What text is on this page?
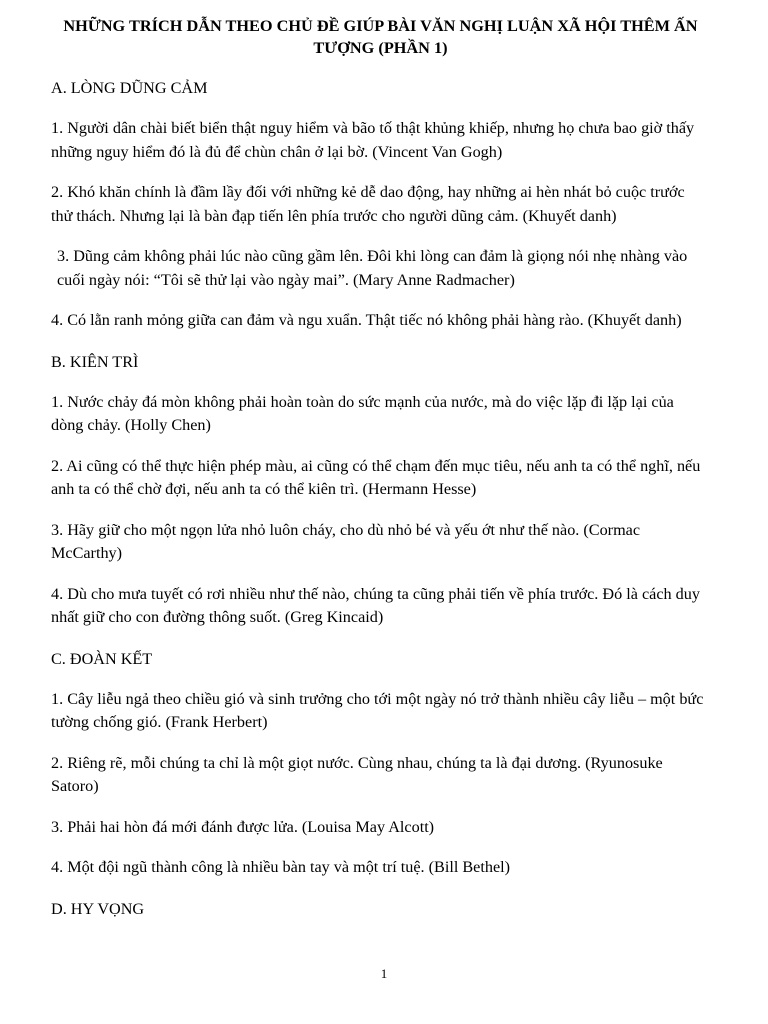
NHỮNG TRÍCH DẪN THEO CHỦ ĐỀ GIÚP BÀI VĂN NGHỊ LUẬN XÃ HỘI THÊM ẤN TƯỢNG (PHẦN 1)
A. LÒNG DŨNG CẢM

1. Người dân chài biết biển thật nguy hiểm và bão tố thật khủng khiếp, nhưng họ chưa bao giờ thấy những nguy hiểm đó là đủ để chùn chân ở lại bờ. (Vincent Van Gogh)

2. Khó khăn chính là đầm lầy đối với những kẻ dễ dao động, hay những ai hèn nhát bỏ cuộc trước thử thách. Nhưng lại là bàn đạp tiến lên phía trước cho người dũng cảm. (Khuyết danh)

3. Dũng cảm không phải lúc nào cũng gầm lên. Đôi khi lòng can đảm là giọng nói nhẹ nhàng vào cuối ngày nói: “Tôi sẽ thử lại vào ngày mai”. (Mary Anne Radmacher)

4. Có lằn ranh mỏng giữa can đảm và ngu xuẩn. Thật tiếc nó không phải hàng rào. (Khuyết danh)

B. KIÊN TRÌ

1. Nước chảy đá mòn không phải hoàn toàn do sức mạnh của nước, mà do việc lặp đi lặp lại của dòng chảy. (Holly Chen)

2. Ai cũng có thể thực hiện phép màu, ai cũng có thể chạm đến mục tiêu, nếu anh ta có thể nghĩ, nếu anh ta có thể chờ đợi, nếu anh ta có thể kiên trì. (Hermann Hesse)

3. Hãy giữ cho một ngọn lửa nhỏ luôn cháy, cho dù nhỏ bé và yếu ớt như thế nào. (Cormac McCarthy)

4. Dù cho mưa tuyết có rơi nhiều như thế nào, chúng ta cũng phải tiến về phía trước. Đó là cách duy nhất giữ cho con đường thông suốt. (Greg Kincaid)

C. ĐOÀN KẾT

1. Cây liễu ngả theo chiều gió và sinh trưởng cho tới một ngày nó trở thành nhiều cây liễu – một bức tường chống gió. (Frank Herbert)

2. Riêng rẽ, mỗi chúng ta chỉ là một giọt nước. Cùng nhau, chúng ta là đại dương. (Ryunosuke Satoro)

3. Phải hai hòn đá mới đánh được lửa. (Louisa May Alcott)

4. Một đội ngũ thành công là nhiều bàn tay và một trí tuệ. (Bill Bethel)

D. HY VỌNG
1
